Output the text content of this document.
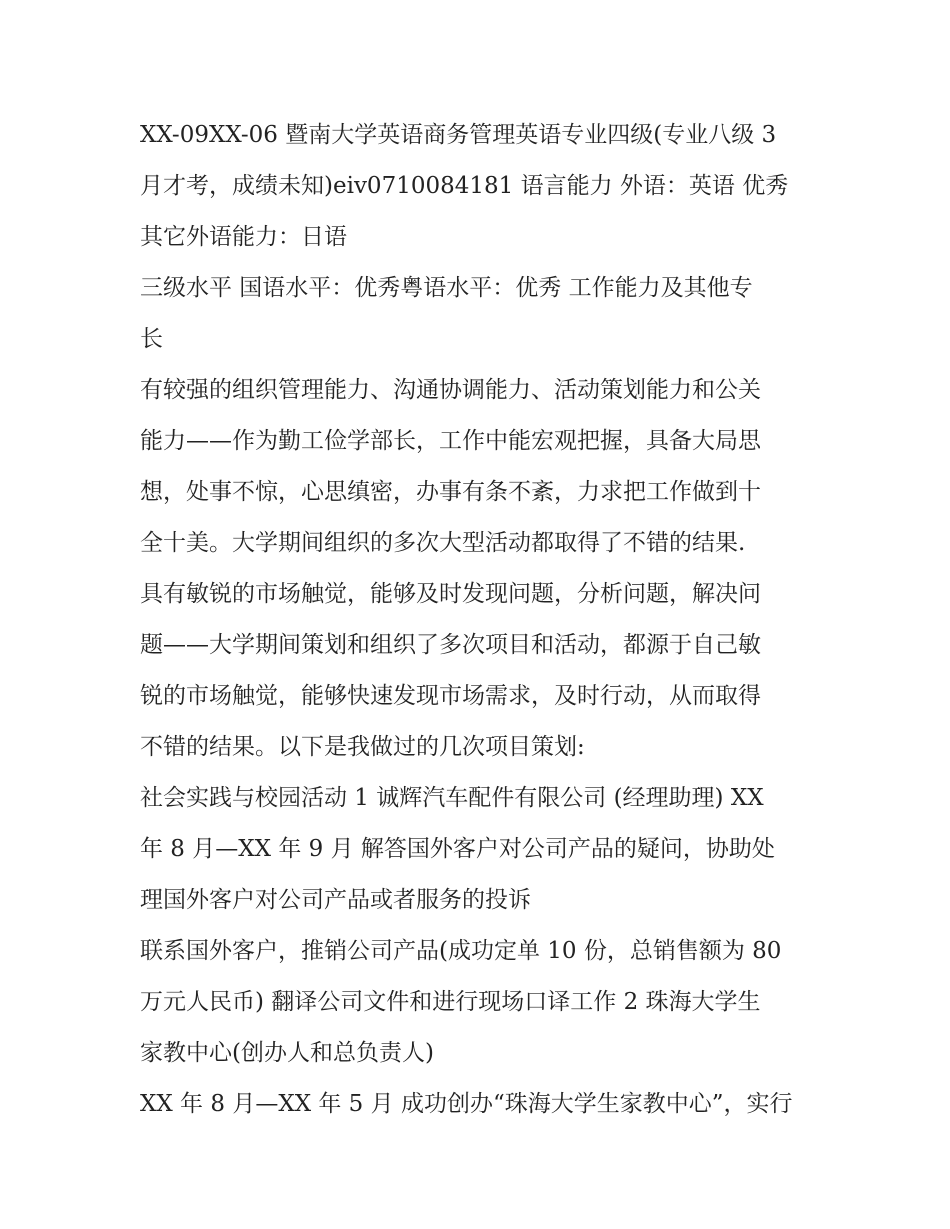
XX-09XX-06 暨南大学英语商务管理英语专业四级(专业八级 3
月才考，成绩未知)eiv0710084181 语言能力 外语：英语 优秀
其它外语能力：日语
三级水平 国语水平：优秀粤语水平：优秀 工作能力及其他专
长
有较强的组织管理能力、沟通协调能力、活动策划能力和公关
能力——作为勤工俭学部长，工作中能宏观把握，具备大局思
想，处事不惊，心思缜密，办事有条不紊，力求把工作做到十
全十美。大学期间组织的多次大型活动都取得了不错的结果.
具有敏锐的市场触觉，能够及时发现问题，分析问题，解决问
题——大学期间策划和组织了多次项目和活动，都源于自己敏
锐的市场触觉，能够快速发现市场需求，及时行动，从而取得
不错的结果。以下是我做过的几次项目策划:
社会实践与校园活动 1 诚辉汽车配件有限公司 (经理助理) XX
年 8 月—XX 年 9 月 解答国外客户对公司产品的疑问，协助处
理国外客户对公司产品或者服务的投诉
联系国外客户，推销公司产品(成功定单 10 份，总销售额为 80
万元人民币) 翻译公司文件和进行现场口译工作 2 珠海大学生
家教中心(创办人和总负责人)
XX 年 8 月—XX 年 5 月 成功创办“珠海大学生家教中心”，实行
